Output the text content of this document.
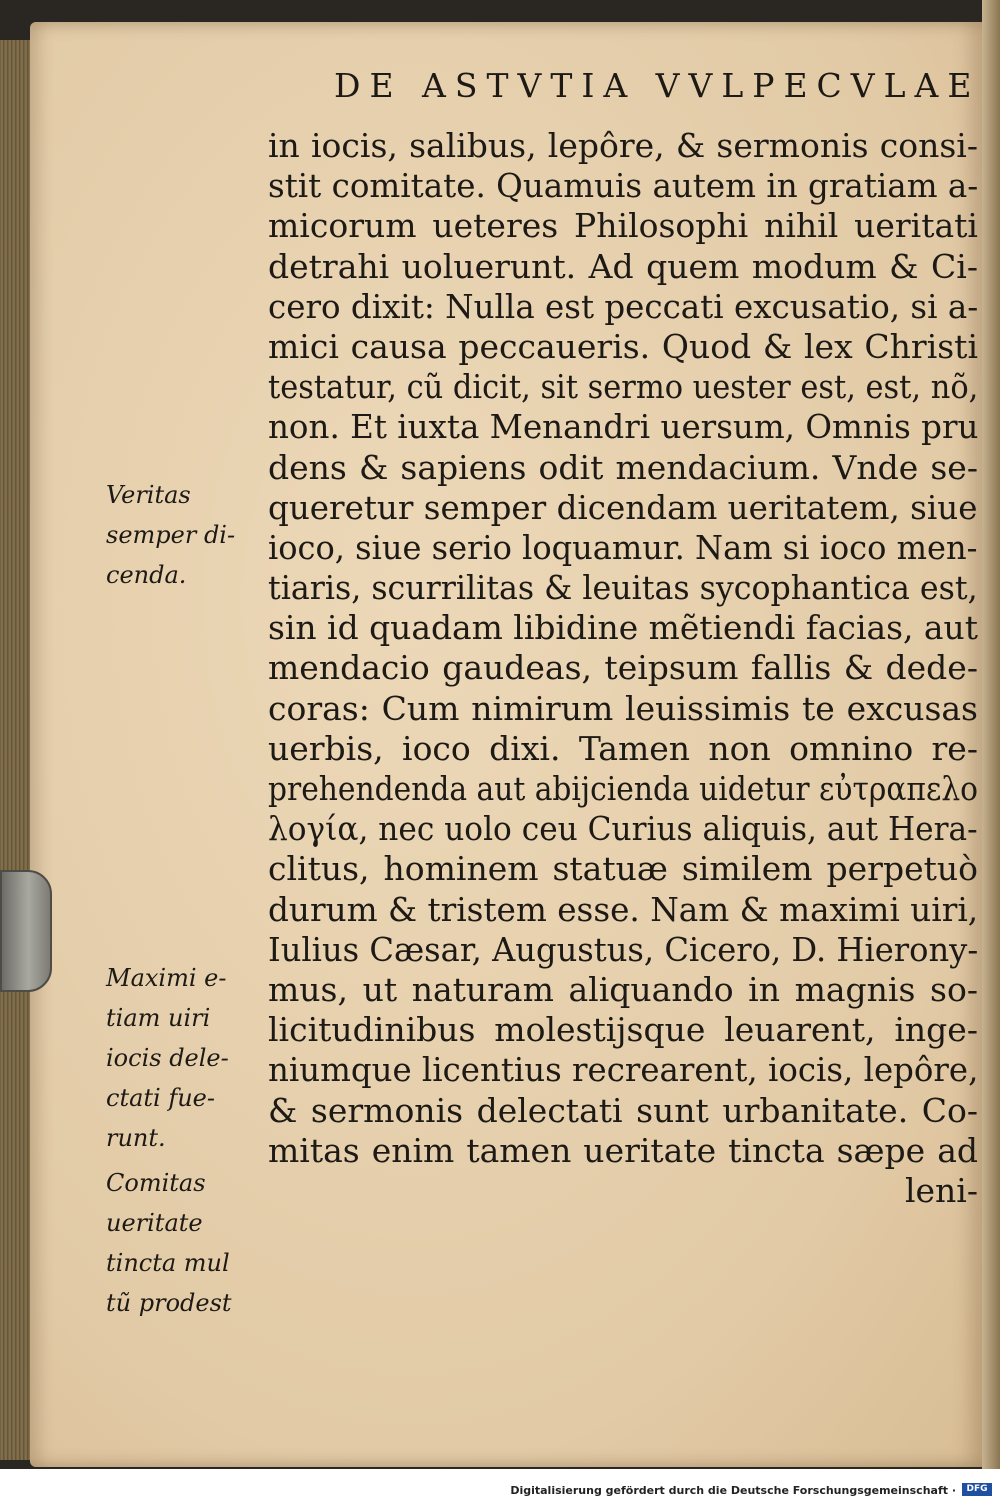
DE ASTVTIA VVLPECVLAE
in iocis, salibus, lepôre, & sermonis consi-
stit comitate. Quamuis autem in gratiam a-
micorum ueteres Philosophi nihil ueritati
detrahi uoluerunt. Ad quem modum & Ci-
cero dixit: Nulla est peccati excusatio, si a-
mici causa peccaueris. Quod & lex Christi
testatur, cũ dicit, sit sermo uester est, est, nõ,
non. Et iuxta Menandri uersum, Omnis pru
dens & sapiens odit mendacium. Vnde se-
queretur semper dicendam ueritatem, siue
ioco, siue serio loquamur. Nam si ioco men-
tiaris, scurrilitas & leuitas sycophantica est,
sin id quadam libidine mẽtiendi facias, aut
mendacio gaudeas, teipsum fallis & dede-
coras: Cum nimirum leuissimis te excusas
uerbis, ioco dixi. Tamen non omnino re-
prehendenda aut abijcienda uidetur εὐτραπελο
λογία, nec uolo ceu Curius aliquis, aut Hera-
clitus, hominem statuæ similem perpetuò
durum & tristem esse. Nam & maximi uiri,
Iulius Cæsar, Augustus, Cicero, D. Hierony-
mus, ut naturam aliquando in magnis so-
licitudinibus molestijsque leuarent, inge-
niumque licentius recrearent, iocis, lepôre,
& sermonis delectati sunt urbanitate. Co-
mitas enim tamen ueritate tincta sæpe ad
leni-
Veritas
semper di-
cenda.
Maximi e-
tiam uiri
iocis dele-
ctati fue-
runt.
Comitas
ueritate
tincta mul
tũ prodest
Digitalisierung gefördert durch die Deutsche Forschungsgemeinschaft ·	DFG
